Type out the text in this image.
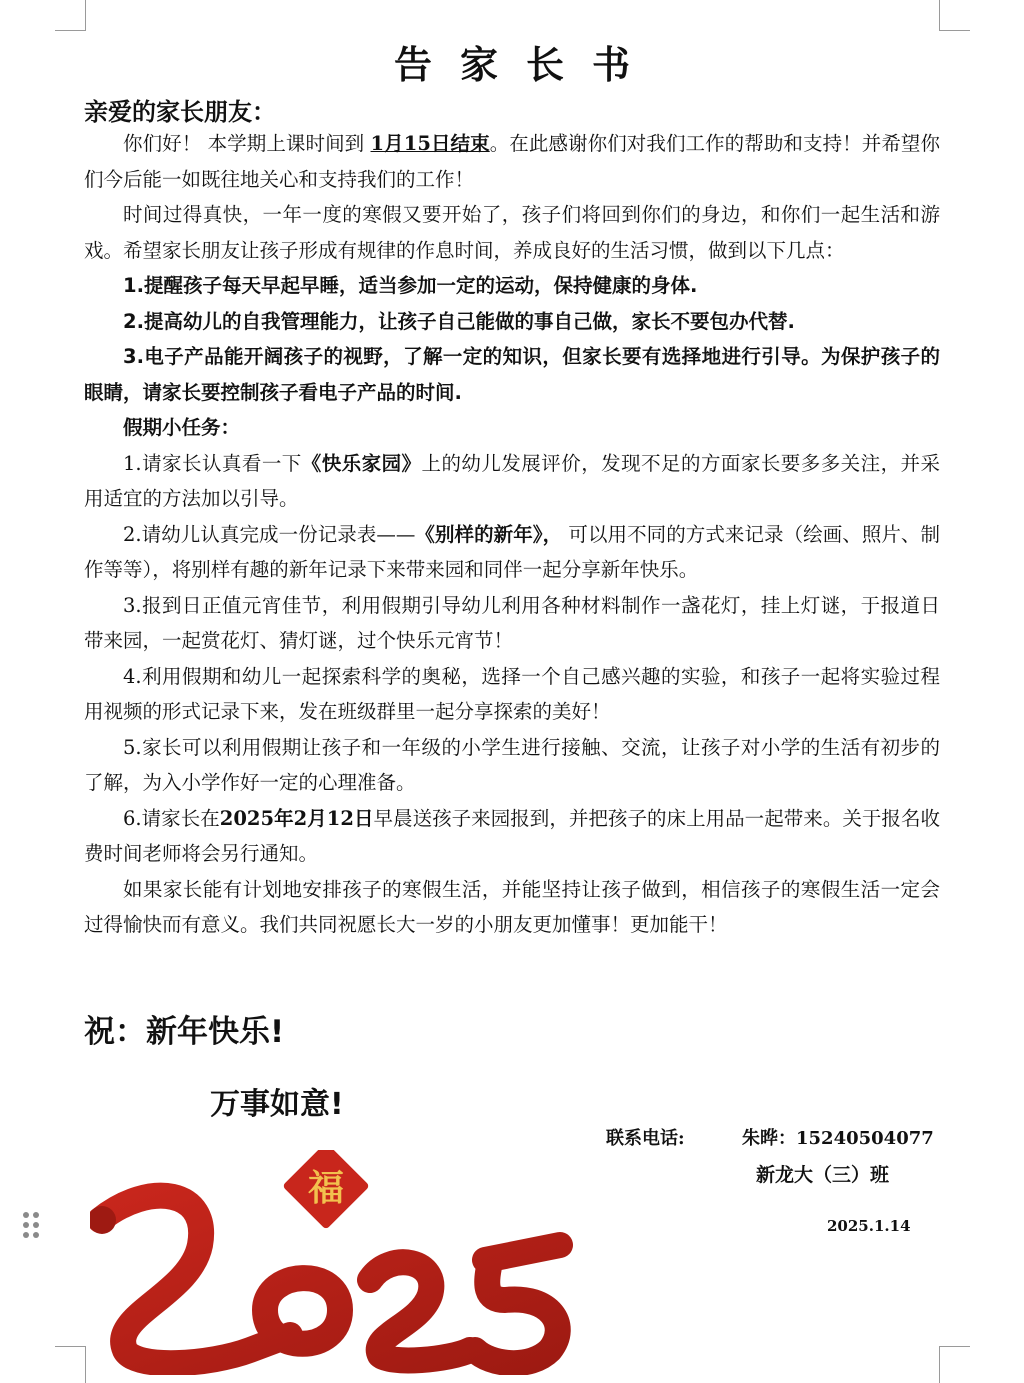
告家长书
亲爱的家长朋友：

你们好！ 本学期上课时间到 1月15日结束。在此感谢你们对我们工作的帮助和支持！并希望你们今后能一如既往地关心和支持我们的工作！

时间过得真快，一年一度的寒假又要开始了，孩子们将回到你们的身边，和你们一起生活和游戏。希望家长朋友让孩子形成有规律的作息时间，养成良好的生活习惯，做到以下几点：

1.提醒孩子每天早起早睡，适当参加一定的运动，保持健康的身体.

2.提高幼儿的自我管理能力，让孩子自己能做的事自己做，家长不要包办代替.

3.电子产品能开阔孩子的视野，了解一定的知识，但家长要有选择地进行引导。为保护孩子的眼睛，请家长要控制孩子看电子产品的时间.

假期小任务：

1.请家长认真看一下《快乐家园》上的幼儿发展评价，发现不足的方面家长要多多关注，并采用适宜的方法加以引导。

2.请幼儿认真完成一份记录表——《别样的新年》， 可以用不同的方式来记录（绘画、照片、制作等等），将别样有趣的新年记录下来带来园和同伴一起分享新年快乐。

3.报到日正值元宵佳节，利用假期引导幼儿利用各种材料制作一盏花灯，挂上灯谜，于报道日带来园，一起赏花灯、猜灯谜，过个快乐元宵节！

4.利用假期和幼儿一起探索科学的奥秘，选择一个自己感兴趣的实验，和孩子一起将实验过程用视频的形式记录下来，发在班级群里一起分享探索的美好！

5.家长可以利用假期让孩子和一年级的小学生进行接触、交流，让孩子对小学的生活有初步的了解，为入小学作好一定的心理准备。

6.请家长在2025年2月12日早晨送孩子来园报到，并把孩子的床上用品一起带来。关于报名收费时间老师将会另行通知。

如果家长能有计划地安排孩子的寒假生活，并能坚持让孩子做到，相信孩子的寒假生活一定会过得愉快而有意义。我们共同祝愿长大一岁的小朋友更加懂事！更加能干！

祝：新年快乐!
万事如意!
联系电话:	朱晔：15240504077
新龙大（三）班
2025.1.14
福
